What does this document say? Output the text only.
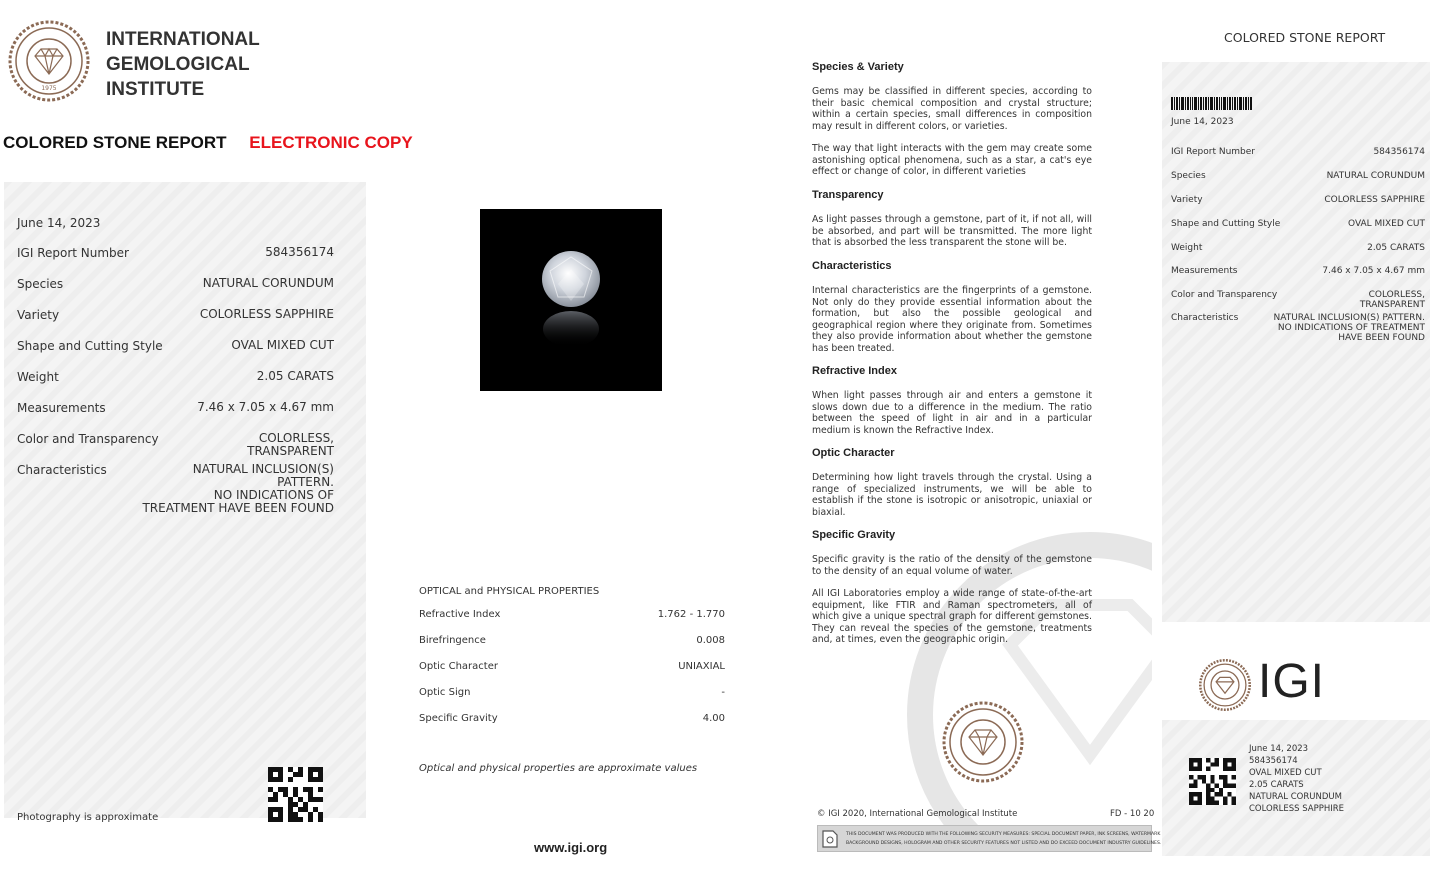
1975
INTERNATIONAL
GEMOLOGICAL
INSTITUTE
COLORED STONE REPORT ELECTRONIC COPY
June 14, 2023
IGI Report Number	584356174
Species	NATURAL CORUNDUM
Variety	COLORLESS SAPPHIRE
Shape and Cutting Style	OVAL MIXED CUT
Weight	2.05 CARATS
Measurements	7.46 x 7.05 x 4.67 mm
Color and Transparency	COLORLESS,
TRANSPARENT
Characteristics	NATURAL INCLUSION(S)
PATTERN.
NO INDICATIONS OF
TREATMENT HAVE BEEN FOUND
Photography is approximate
OPTICAL and PHYSICAL PROPERTIES
Refractive Index	1.762 - 1.770
Birefringence	0.008
Optic Character	UNIAXIAL
Optic Sign	-
Specific Gravity	4.00
Optical and physical properties are approximate values
www.igi.org
Species & Variety
Gems may be classified in different species, according to their basic chemical composition and crystal structure; within a certain species, small differences in composition may result in different colors, or varieties.
The way that light interacts with the gem may create some astonishing optical phenomena, such as a star, a cat's eye effect or change of color, in different varieties
Transparency
As light passes through a gemstone, part of it, if not all, will be absorbed, and part will be transmitted. The more light that is absorbed the less transparent the stone will be.
Characteristics
Internal characteristics are the fingerprints of a gemstone. Not only do they provide essential information about the formation, but also the possible geological and geographical region where they originate from. Sometimes they also provide information about whether the gemstone has been treated.
Refractive Index
When light passes through air and enters a gemstone it slows down due to a difference in the medium. The ratio between the speed of light in air and in a particular medium is known the Refractive Index.
Optic Character
Determining how light travels through the crystal. Using a range of specialized instruments, we will be able to establish if the stone is isotropic or anisotropic, uniaxial or biaxial.
Specific Gravity
Specific gravity is the ratio of the density of the gemstone to the density of an equal volume of water.
All IGI Laboratories employ a wide range of state-of-the-art equipment, like FTIR and Raman spectrometers, all of which give a unique spectral graph for different gemstones. They can reveal the species of the gemstone, treatments and, at times, even the geographic origin.
© IGI 2020, International Gemological Institute	FD - 10 20
THIS DOCUMENT WAS PRODUCED WITH THE FOLLOWING SECURITY MEASURES: SPECIAL DOCUMENT PAPER, INK SCREENS, WATERMARK
BACKGROUND DESIGNS, HOLOGRAM AND OTHER SECURITY FEATURES NOT LISTED AND DO EXCEED DOCUMENT INDUSTRY GUIDELINES.
COLORED STONE REPORT
June 14, 2023
IGI Report Number	584356174
Species	NATURAL CORUNDUM
Variety	COLORLESS SAPPHIRE
Shape and Cutting Style	OVAL MIXED CUT
Weight	2.05 CARATS
Measurements	7.46 x 7.05 x 4.67 mm
Color and Transparency	COLORLESS,
TRANSPARENT
Characteristics	NATURAL INCLUSION(S) PATTERN.
NO INDICATIONS OF TREATMENT
HAVE BEEN FOUND
IGI
June 14, 2023
584356174
OVAL MIXED CUT
2.05 CARATS
NATURAL CORUNDUM
COLORLESS SAPPHIRE
